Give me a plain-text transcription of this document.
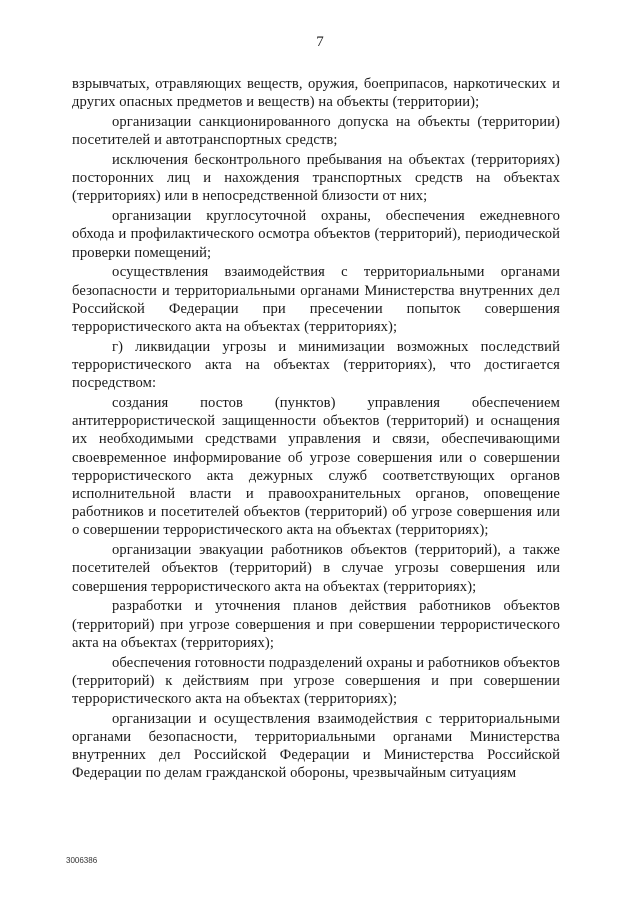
7

взрывчатых, отравляющих веществ, оружия, боеприпасов, наркотических и других опасных предметов и веществ) на объекты (территории);

организации санкционированного допуска на объекты (территории) посетителей и автотранспортных средств;

исключения бесконтрольного пребывания на объектах (территориях) посторонних лиц и нахождения транспортных средств на объектах (территориях) или в непосредственной близости от них;

организации круглосуточной охраны, обеспечения ежедневного обхода и профилактического осмотра объектов (территорий), периодической проверки помещений;

осуществления взаимодействия с территориальными органами безопасности и территориальными органами Министерства внутренних дел Российской Федерации при пресечении попыток совершения террористического акта на объектах (территориях);

г) ликвидации угрозы и минимизации возможных последствий террористического акта на объектах (территориях), что достигается посредством:

создания постов (пунктов) управления обеспечением антитеррористической защищенности объектов (территорий) и оснащения их необходимыми средствами управления и связи, обеспечивающими своевременное информирование об угрозе совершения или о совершении террористического акта дежурных служб соответствующих органов исполнительной власти и правоохранительных органов, оповещение работников и посетителей объектов (территорий) об угрозе совершения или о совершении террористического акта на объектах (территориях);

организации эвакуации работников объектов (территорий), а также посетителей объектов (территорий) в случае угрозы совершения или совершения террористического акта на объектах (территориях);

разработки и уточнения планов действия работников объектов (территорий) при угрозе совершения и при совершении террористического акта на объектах (территориях);

обеспечения готовности подразделений охраны и работников объектов (территорий) к действиям при угрозе совершения и при совершении террористического акта на объектах (территориях);

организации и осуществления взаимодействия с территориальными органами безопасности, территориальными органами Министерства внутренних дел Российской Федерации и Министерства Российской Федерации по делам гражданской обороны, чрезвычайным ситуациям

3006386
